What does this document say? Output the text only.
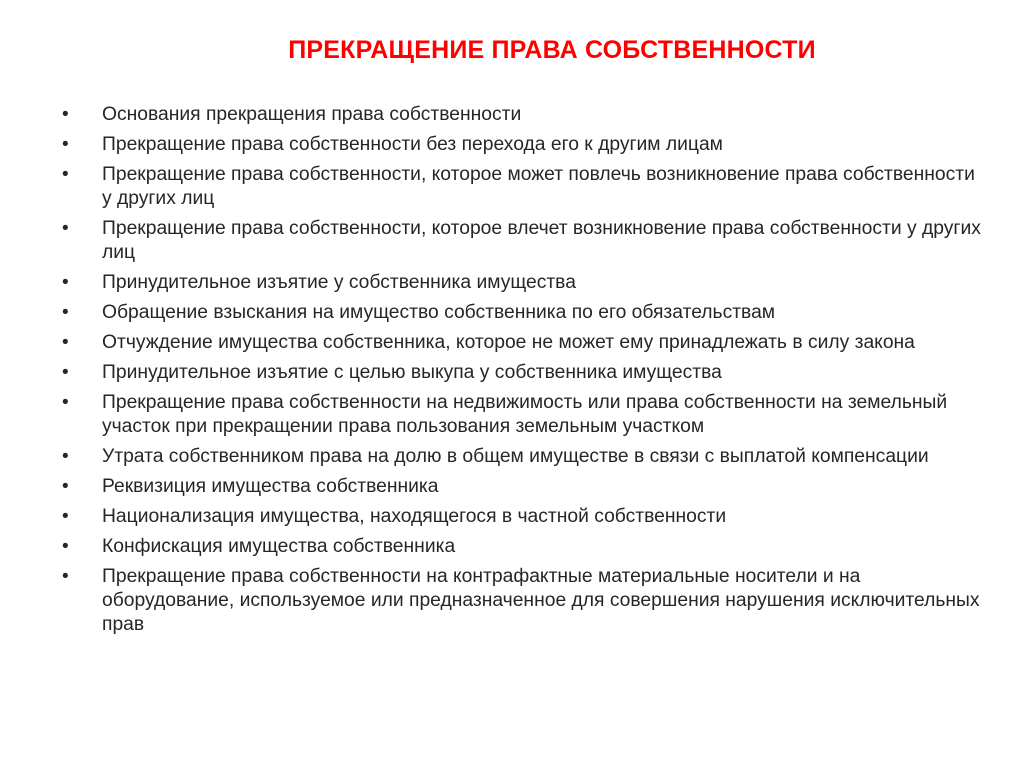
ПРЕКРАЩЕНИЕ ПРАВА СОБСТВЕННОСТИ
•	Основания прекращения права собственности
•	Прекращение права собственности без перехода его к другим лицам
•	Прекращение права собственности, которое может повлечь возникновение права собственности у других лиц
•	Прекращение права собственности, которое влечет возникновение права собственности у других лиц
•	Принудительное изъятие у собственника имущества
•	Обращение взыскания на имущество собственника по его обязательствам
•	Отчуждение имущества собственника, которое не может ему принадлежать в силу закона
•	Принудительное изъятие с целью выкупа у собственника имущества
•	Прекращение права собственности на недвижимость или права собственности на земельный участок при прекращении права пользования земельным участком
•	Утрата собственником права на долю в общем имуществе в связи с выплатой компенсации
•	Реквизиция имущества собственника
•	Национализация имущества, находящегося в частной собственности
•	Конфискация имущества собственника
•	Прекращение права собственности на контрафактные материальные носители и на оборудование, используемое или предназначенное для совершения нарушения исключительных прав
